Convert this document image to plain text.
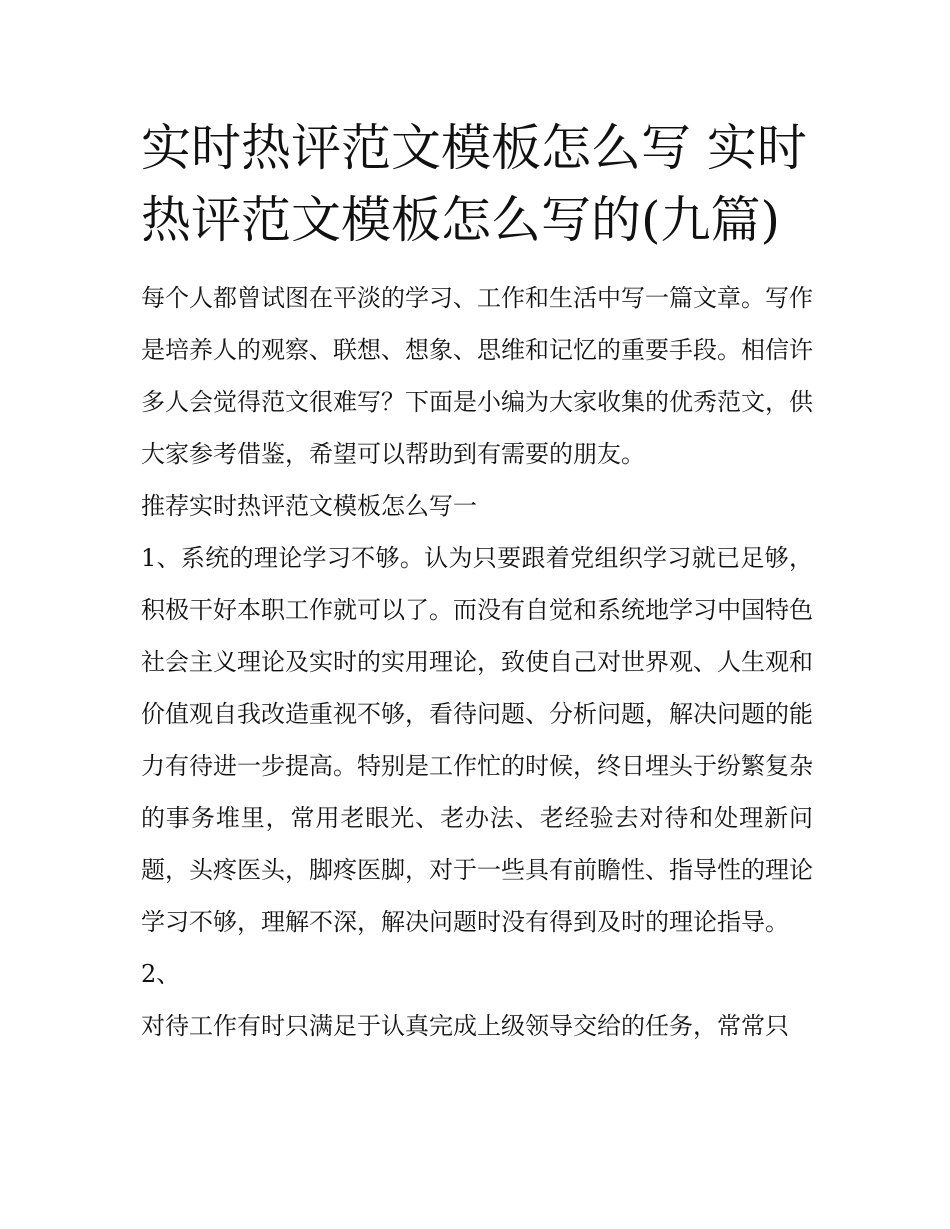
实时热评范文模板怎么写 实时热评范文模板怎么写的(九篇)

每个人都曾试图在平淡的学习、工作和生活中写一篇文章。写作是培养人的观察、联想、想象、思维和记忆的重要手段。相信许多人会觉得范文很难写？下面是小编为大家收集的优秀范文，供大家参考借鉴，希望可以帮助到有需要的朋友。

推荐实时热评范文模板怎么写一

1、系统的理论学习不够。认为只要跟着党组织学习就已足够，积极干好本职工作就可以了。而没有自觉和系统地学习中国特色社会主义理论及实时的实用理论，致使自己对世界观、人生观和价值观自我改造重视不够，看待问题、分析问题，解决问题的能力有待进一步提高。特别是工作忙的时候，终日埋头于纷繁复杂的事务堆里，常用老眼光、老办法、老经验去对待和处理新问题，头疼医头，脚疼医脚，对于一些具有前瞻性、指导性的理论学习不够，理解不深，解决问题时没有得到及时的理论指导。

2、

对待工作有时只满足于认真完成上级领导交给的任务，常常只
